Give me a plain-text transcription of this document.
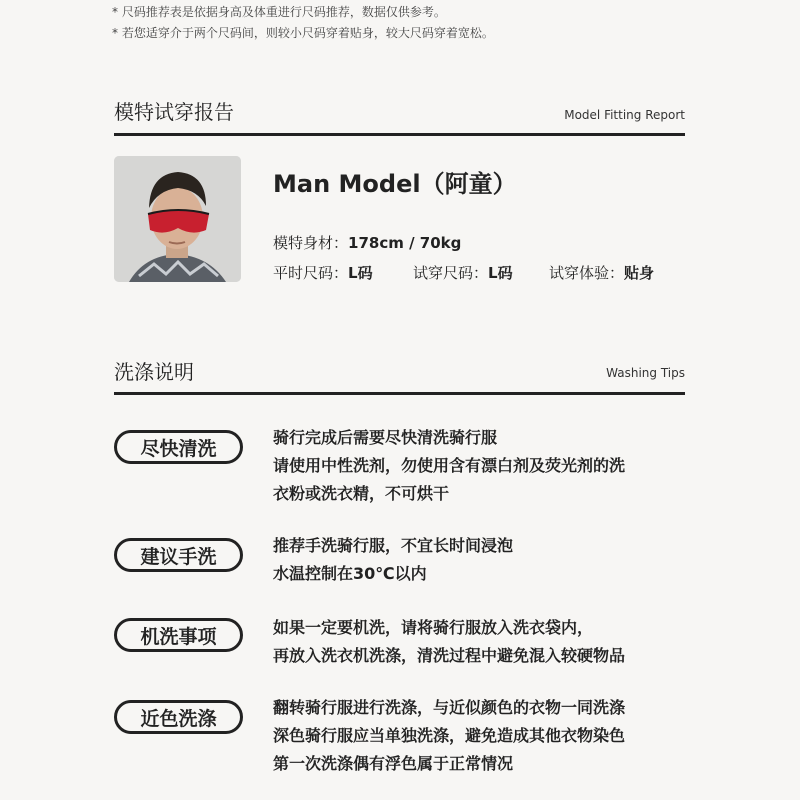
* 尺码推荐表是依据身高及体重进行尺码推荐，数据仅供参考。
* 若您适穿介于两个尺码间，则较小尺码穿着贴身，较大尺码穿着宽松。
模特试穿报告	Model Fitting Report
Man Model（阿童）
模特身材：178cm / 70kg
平时尺码：L码	试穿尺码：L码 试穿体验：贴身
洗涤说明	Washing Tips
尽快清洗	骑行完成后需要尽快清洗骑行服
请使用中性洗剂，勿使用含有漂白剂及荧光剂的洗
衣粉或洗衣精，不可烘干
建议手洗	推荐手洗骑行服，不宜长时间浸泡
水温控制在30℃以内
机洗事项	如果一定要机洗，请将骑行服放入洗衣袋内，
再放入洗衣机洗涤，清洗过程中避免混入较硬物品
近色洗涤	翻转骑行服进行洗涤，与近似颜色的衣物一同洗涤
深色骑行服应当单独洗涤，避免造成其他衣物染色
第一次洗涤偶有浮色属于正常情况
